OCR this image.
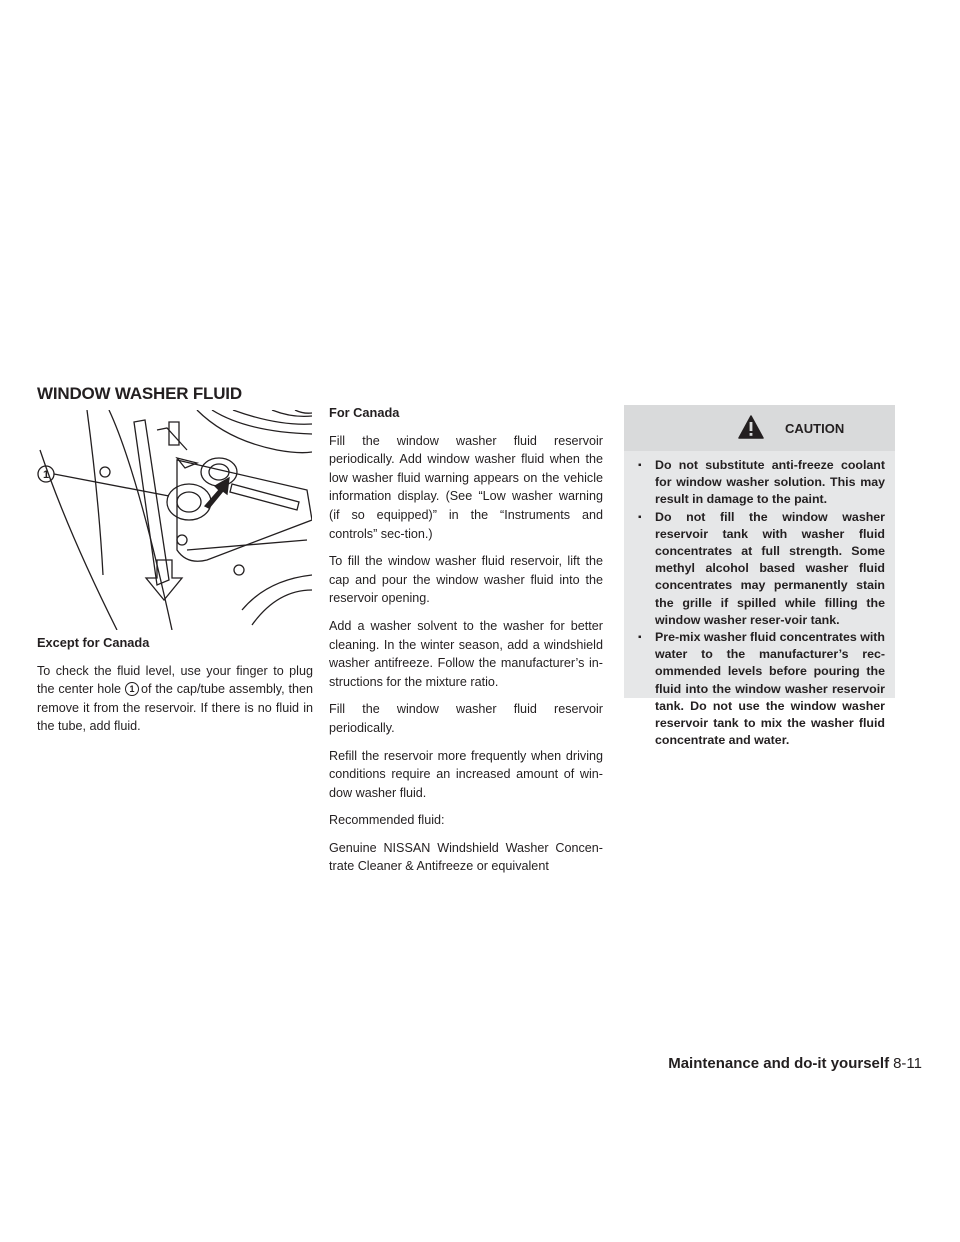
WINDOW WASHER FLUID
1

Except for Canada

To check the fluid level, use your finger to plug the center hole 1 of the cap/tube assembly, then remove it from the reservoir. If there is no fluid in the tube, add fluid.

For Canada

Fill the window washer fluid reservoir periodically. Add window washer fluid when the low washer fluid warning appears on the vehicle information display. (See “Low washer warning (if so equipped)” in the “Instruments and controls” sec-tion.)

To fill the window washer fluid reservoir, lift the cap and pour the window washer fluid into the reservoir opening.

Add a washer solvent to the washer for better cleaning. In the winter season, add a windshield washer antifreeze. Follow the manufacturer’s in-structions for the mixture ratio.

Fill the window washer fluid reservoir periodically.

Refill the reservoir more frequently when driving conditions require an increased amount of win-dow washer fluid.

Recommended fluid:

Genuine NISSAN Windshield Washer Concen-trate Cleaner & Antifreeze or equivalent

CAUTION
▪ Do not substitute anti-freeze coolant for window washer solution. This may result in damage to the paint.
▪ Do not fill the window washer reservoir tank with washer fluid concentrates at full strength. Some methyl alcohol based washer fluid concentrates may permanently stain the grille if spilled while filling the window washer reser-voir tank.
▪ Pre-mix washer fluid concentrates with water to the manufacturer’s rec-ommended levels before pouring the fluid into the window washer reservoir tank. Do not use the window washer reservoir tank to mix the washer fluid concentrate and water.
Maintenance and do-it yourself 8-11
